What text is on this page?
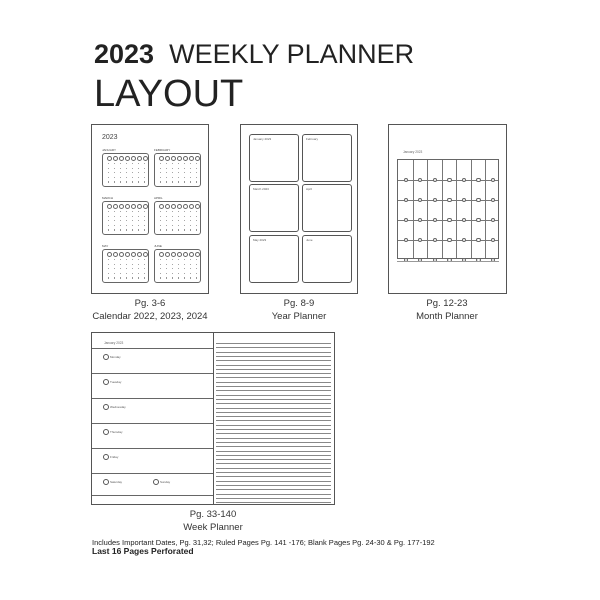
2023 WEEKLY PLANNER
LAYOUT
2023
JANUARY	FEBRUARY
MARCH	APRIL
MAY	JUNE
Pg. 3-6
Calendar 2022, 2023, 2024
January 2023	February
March 2023	April
May 2023	June
Pg. 8-9
Year Planner
January 2023
Pg. 12-23
Month Planner
January 2023
Monday
Tuesday
Wednesday
Thursday
Friday
Saturday	Sunday
Pg. 33-140
Week Planner
Includes Important Dates, Pg. 31,32; Ruled Pages Pg. 141 -176; Blank Pages Pg. 24-30 & Pg. 177-192
Last 16 Pages Perforated
